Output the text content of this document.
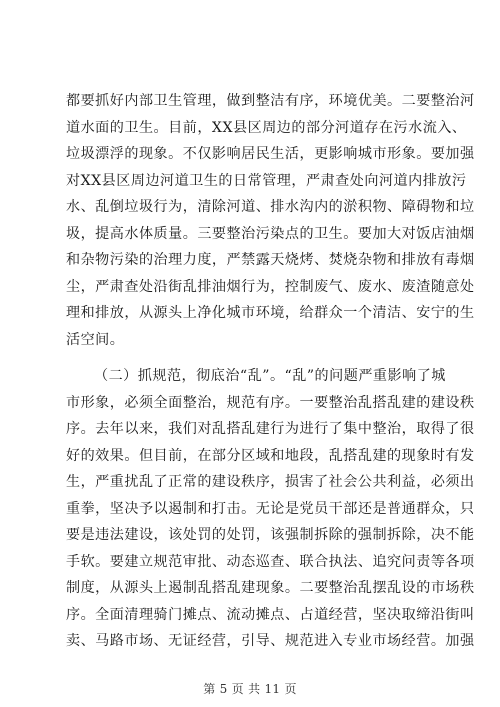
都要抓好内部卫生管理，做到整洁有序，环境优美。二要整治河
道水面的卫生。目前，XX县区周边的部分河道存在污水流入、
垃圾漂浮的现象。不仅影响居民生活，更影响城市形象。要加强
对XX县区周边河道卫生的日常管理，严肃查处向河道内排放污
水、乱倒垃圾行为，清除河道、排水沟内的淤积物、障碍物和垃
圾，提高水体质量。三要整治污染点的卫生。要加大对饭店油烟
和杂物污染的治理力度，严禁露天烧烤、焚烧杂物和排放有毒烟
尘，严肃查处沿街乱排油烟行为，控制废气、废水、废渣随意处
理和排放，从源头上净化城市环境，给群众一个清洁、安宁的生
活空间。
（二）抓规范，彻底治“乱”。“乱”的问题严重影响了城
市形象，必须全面整治，规范有序。一要整治乱搭乱建的建设秩
序。去年以来，我们对乱搭乱建行为进行了集中整治，取得了很
好的效果。但目前，在部分区域和地段，乱搭乱建的现象时有发
生，严重扰乱了正常的建设秩序，损害了社会公共利益，必须出
重拳，坚决予以遏制和打击。无论是党员干部还是普通群众，只
要是违法建设，该处罚的处罚，该强制拆除的强制拆除，决不能
手软。要建立规范审批、动态巡查、联合执法、追究问责等各项
制度，从源头上遏制乱搭乱建现象。二要整治乱摆乱设的市场秩
序。全面清理骑门摊点、流动摊点、占道经营，坚决取缔沿街叫
卖、马路市场、无证经营，引导、规范进入专业市场经营。加强
第 5 页 共 11 页
